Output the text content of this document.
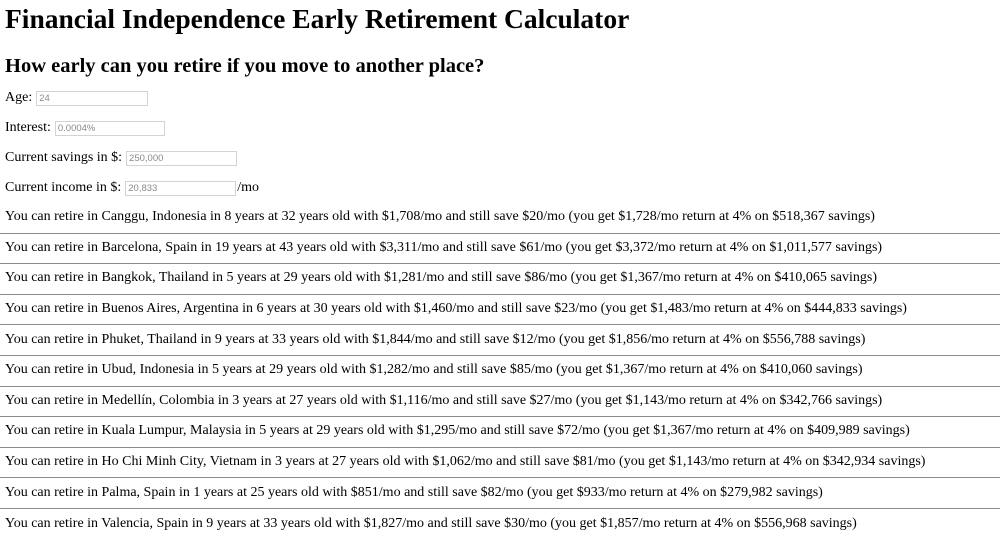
Financial Independence Early Retirement Calculator
How early can you retire if you move to another place?
Age:
24
Interest:
0.0004%
Current savings in $:
250,000
Current income in $:
20,833	/mo
You can retire in Canggu, Indonesia in 8 years at 32 years old with $1,708/mo and still save $20/mo (you get $1,728/mo return at 4% on $518,367 savings)
You can retire in Barcelona, Spain in 19 years at 43 years old with $3,311/mo and still save $61/mo (you get $3,372/mo return at 4% on $1,011,577 savings)
You can retire in Bangkok, Thailand in 5 years at 29 years old with $1,281/mo and still save $86/mo (you get $1,367/mo return at 4% on $410,065 savings)
You can retire in Buenos Aires, Argentina in 6 years at 30 years old with $1,460/mo and still save $23/mo (you get $1,483/mo return at 4% on $444,833 savings)
You can retire in Phuket, Thailand in 9 years at 33 years old with $1,844/mo and still save $12/mo (you get $1,856/mo return at 4% on $556,788 savings)
You can retire in Ubud, Indonesia in 5 years at 29 years old with $1,282/mo and still save $85/mo (you get $1,367/mo return at 4% on $410,060 savings)
You can retire in Medellín, Colombia in 3 years at 27 years old with $1,116/mo and still save $27/mo (you get $1,143/mo return at 4% on $342,766 savings)
You can retire in Kuala Lumpur, Malaysia in 5 years at 29 years old with $1,295/mo and still save $72/mo (you get $1,367/mo return at 4% on $409,989 savings)
You can retire in Ho Chi Minh City, Vietnam in 3 years at 27 years old with $1,062/mo and still save $81/mo (you get $1,143/mo return at 4% on $342,934 savings)
You can retire in Palma, Spain in 1 years at 25 years old with $851/mo and still save $82/mo (you get $933/mo return at 4% on $279,982 savings)
You can retire in Valencia, Spain in 9 years at 33 years old with $1,827/mo and still save $30/mo (you get $1,857/mo return at 4% on $556,968 savings)
